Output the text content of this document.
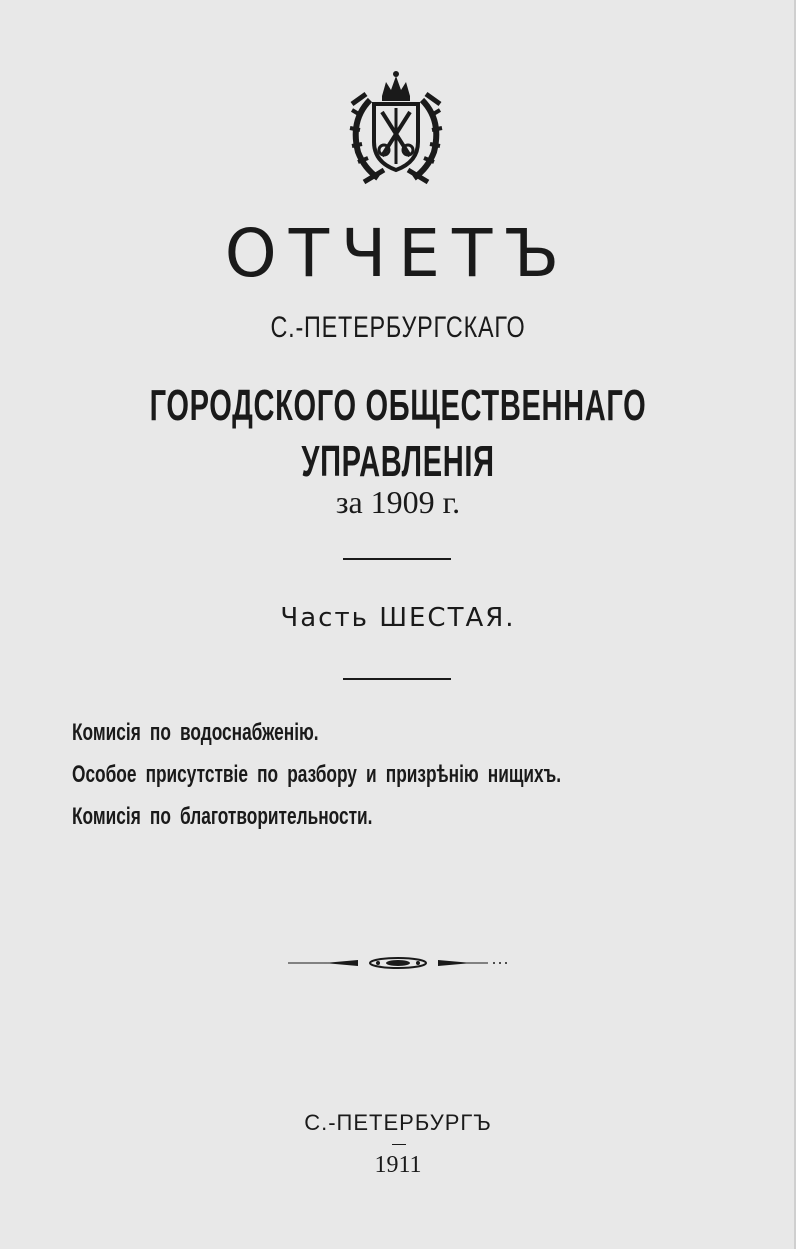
ОТЧЕТЪ
С.-ПЕТЕРБУРГСКАГО
ГОРОДСКОГО ОБЩЕСТВЕННАГО УПРАВЛЕНІЯ
за 1909 г.
Часть ШЕСТАЯ.
Комисія по водоснабженію.
Особое присутствіе по разбору и призрѣнію нищихъ.
Комисія по благотворительности.
С.-ПЕТЕРБУРГЪ
1911
